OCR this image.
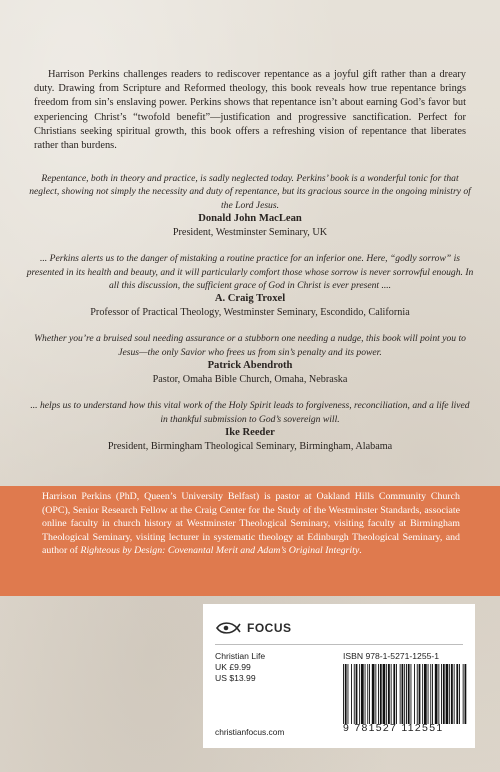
Harrison Perkins challenges readers to rediscover repentance as a joyful gift rather than a dreary duty. Drawing from Scripture and Reformed theology, this book reveals how true repentance brings freedom from sin’s enslaving power. Perkins shows that repentance isn’t about earning God’s favor but experiencing Christ’s “twofold benefit”—justification and progressive sanctification. Perfect for Christians seeking spiritual growth, this book offers a refreshing vision of repentance that liberates rather than burdens.

Repentance, both in theory and practice, is sadly neglected today. Perkins’ book is a wonderful tonic for that neglect, showing not simply the necessity and duty of repentance, but its gracious source in the ongoing ministry of the Lord Jesus.

Donald John MacLean

President, Westminster Seminary, UK

... Perkins alerts us to the danger of mistaking a routine practice for an inferior one. Here, “godly sorrow” is presented in its health and beauty, and it will particularly comfort those whose sorrow is never sorrowful enough. In all this discussion, the sufficient grace of God in Christ is ever present ....

A. Craig Troxel

Professor of Practical Theology, Westminster Seminary, Escondido, California

Whether you’re a bruised soul needing assurance or a stubborn one needing a nudge, this book will point you to Jesus—the only Savior who frees us from sin’s penalty and its power.

Patrick Abendroth

Pastor, Omaha Bible Church, Omaha, Nebraska

... helps us to understand how this vital work of the Holy Spirit leads to forgiveness, reconciliation, and a life lived in thankful submission to God’s sovereign will.

Ike Reeder

President, Birmingham Theological Seminary, Birmingham, Alabama

Harrison Perkins (PhD, Queen’s University Belfast) is pastor at Oakland Hills Community Church (OPC), Senior Research Fellow at the Craig Center for the Study of the Westminster Standards, associate online faculty in church history at Westminster Theological Seminary, visiting faculty at Birmingham Theological Seminary, visiting lecturer in systematic theology at Edinburgh Theological Seminary, and author of Righteous by Design: Covenantal Merit and Adam’s Original Integrity.

FOCUS
Christian Life
UK £9.99
US $13.99
christianfocus.com
ISBN 978-1-5271-1255-1
9 781527 112551
